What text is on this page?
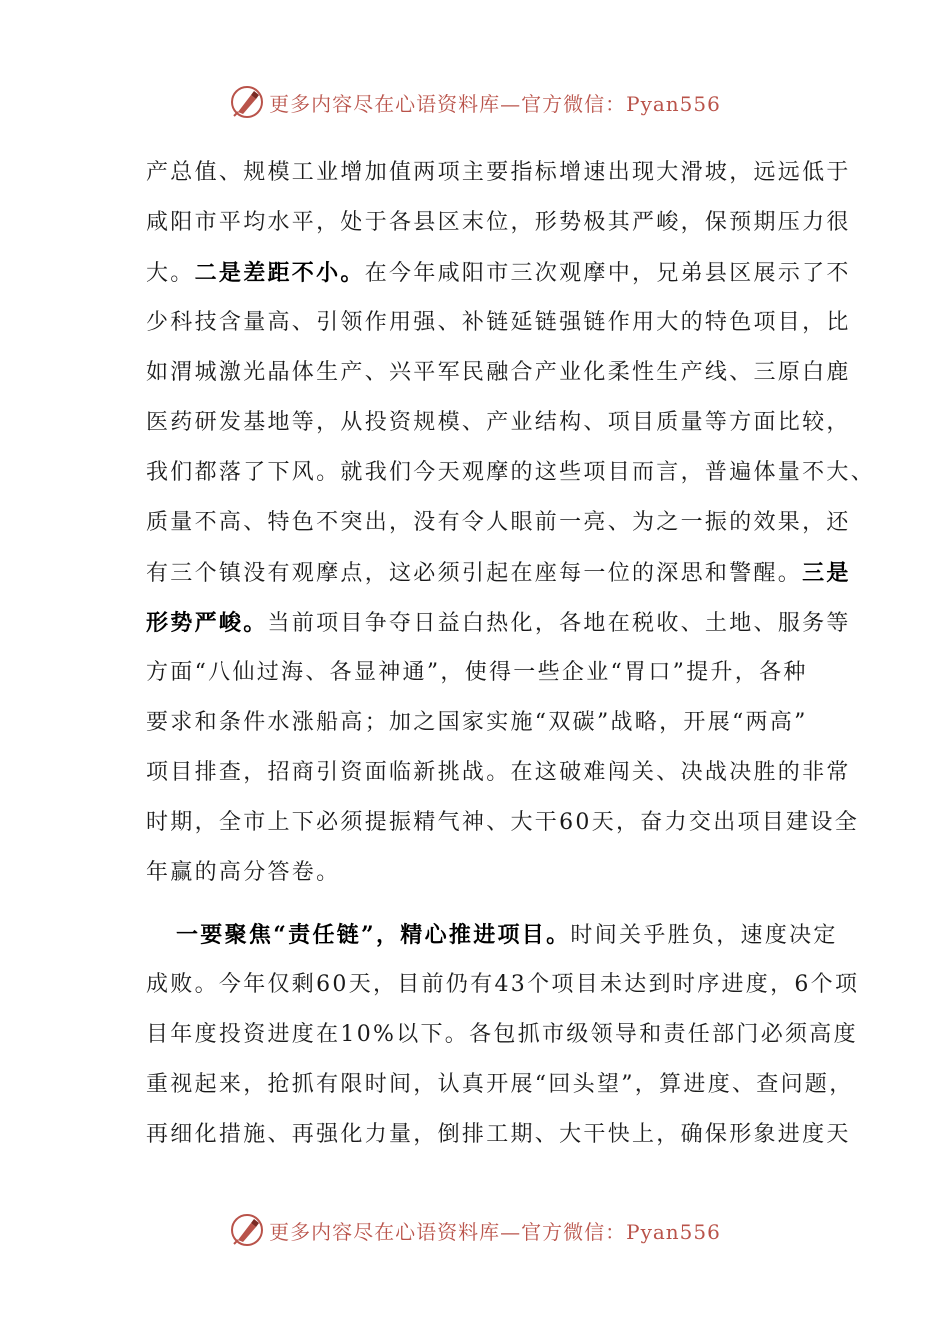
更多内容尽在心语资料库—官方微信：Pyan556
产总值、规模工业增加值两项主要指标增速出现大滑坡，远远低于
咸阳市平均水平，处于各县区末位，形势极其严峻，保预期压力很
大。二是差距不小。在今年咸阳市三次观摩中，兄弟县区展示了不
少科技含量高、引领作用强、补链延链强链作用大的特色项目，比
如渭城激光晶体生产、兴平军民融合产业化柔性生产线、三原白鹿
医药研发基地等，从投资规模、产业结构、项目质量等方面比较，
我们都落了下风。就我们今天观摩的这些项目而言，普遍体量不大、
质量不高、特色不突出，没有令人眼前一亮、为之一振的效果，还
有三个镇没有观摩点，这必须引起在座每一位的深思和警醒。三是
形势严峻。当前项目争夺日益白热化，各地在税收、土地、服务等
方面“八仙过海、各显神通”，使得一些企业“胃口”提升，各种
要求和条件水涨船高；加之国家实施“双碳”战略，开展“两高”
项目排查，招商引资面临新挑战。在这破难闯关、决战决胜的非常
时期，全市上下必须提振精气神、大干60天，奋力交出项目建设全
年赢的高分答卷。
一要聚焦“责任链”，精心推进项目。时间关乎胜负，速度决定
成败。今年仅剩60天，目前仍有43个项目未达到时序进度，6个项
目年度投资进度在10%以下。各包抓市级领导和责任部门必须高度
重视起来，抢抓有限时间，认真开展“回头望”，算进度、查问题，
再细化措施、再强化力量，倒排工期、大干快上，确保形象进度天
更多内容尽在心语资料库—官方微信：Pyan556
